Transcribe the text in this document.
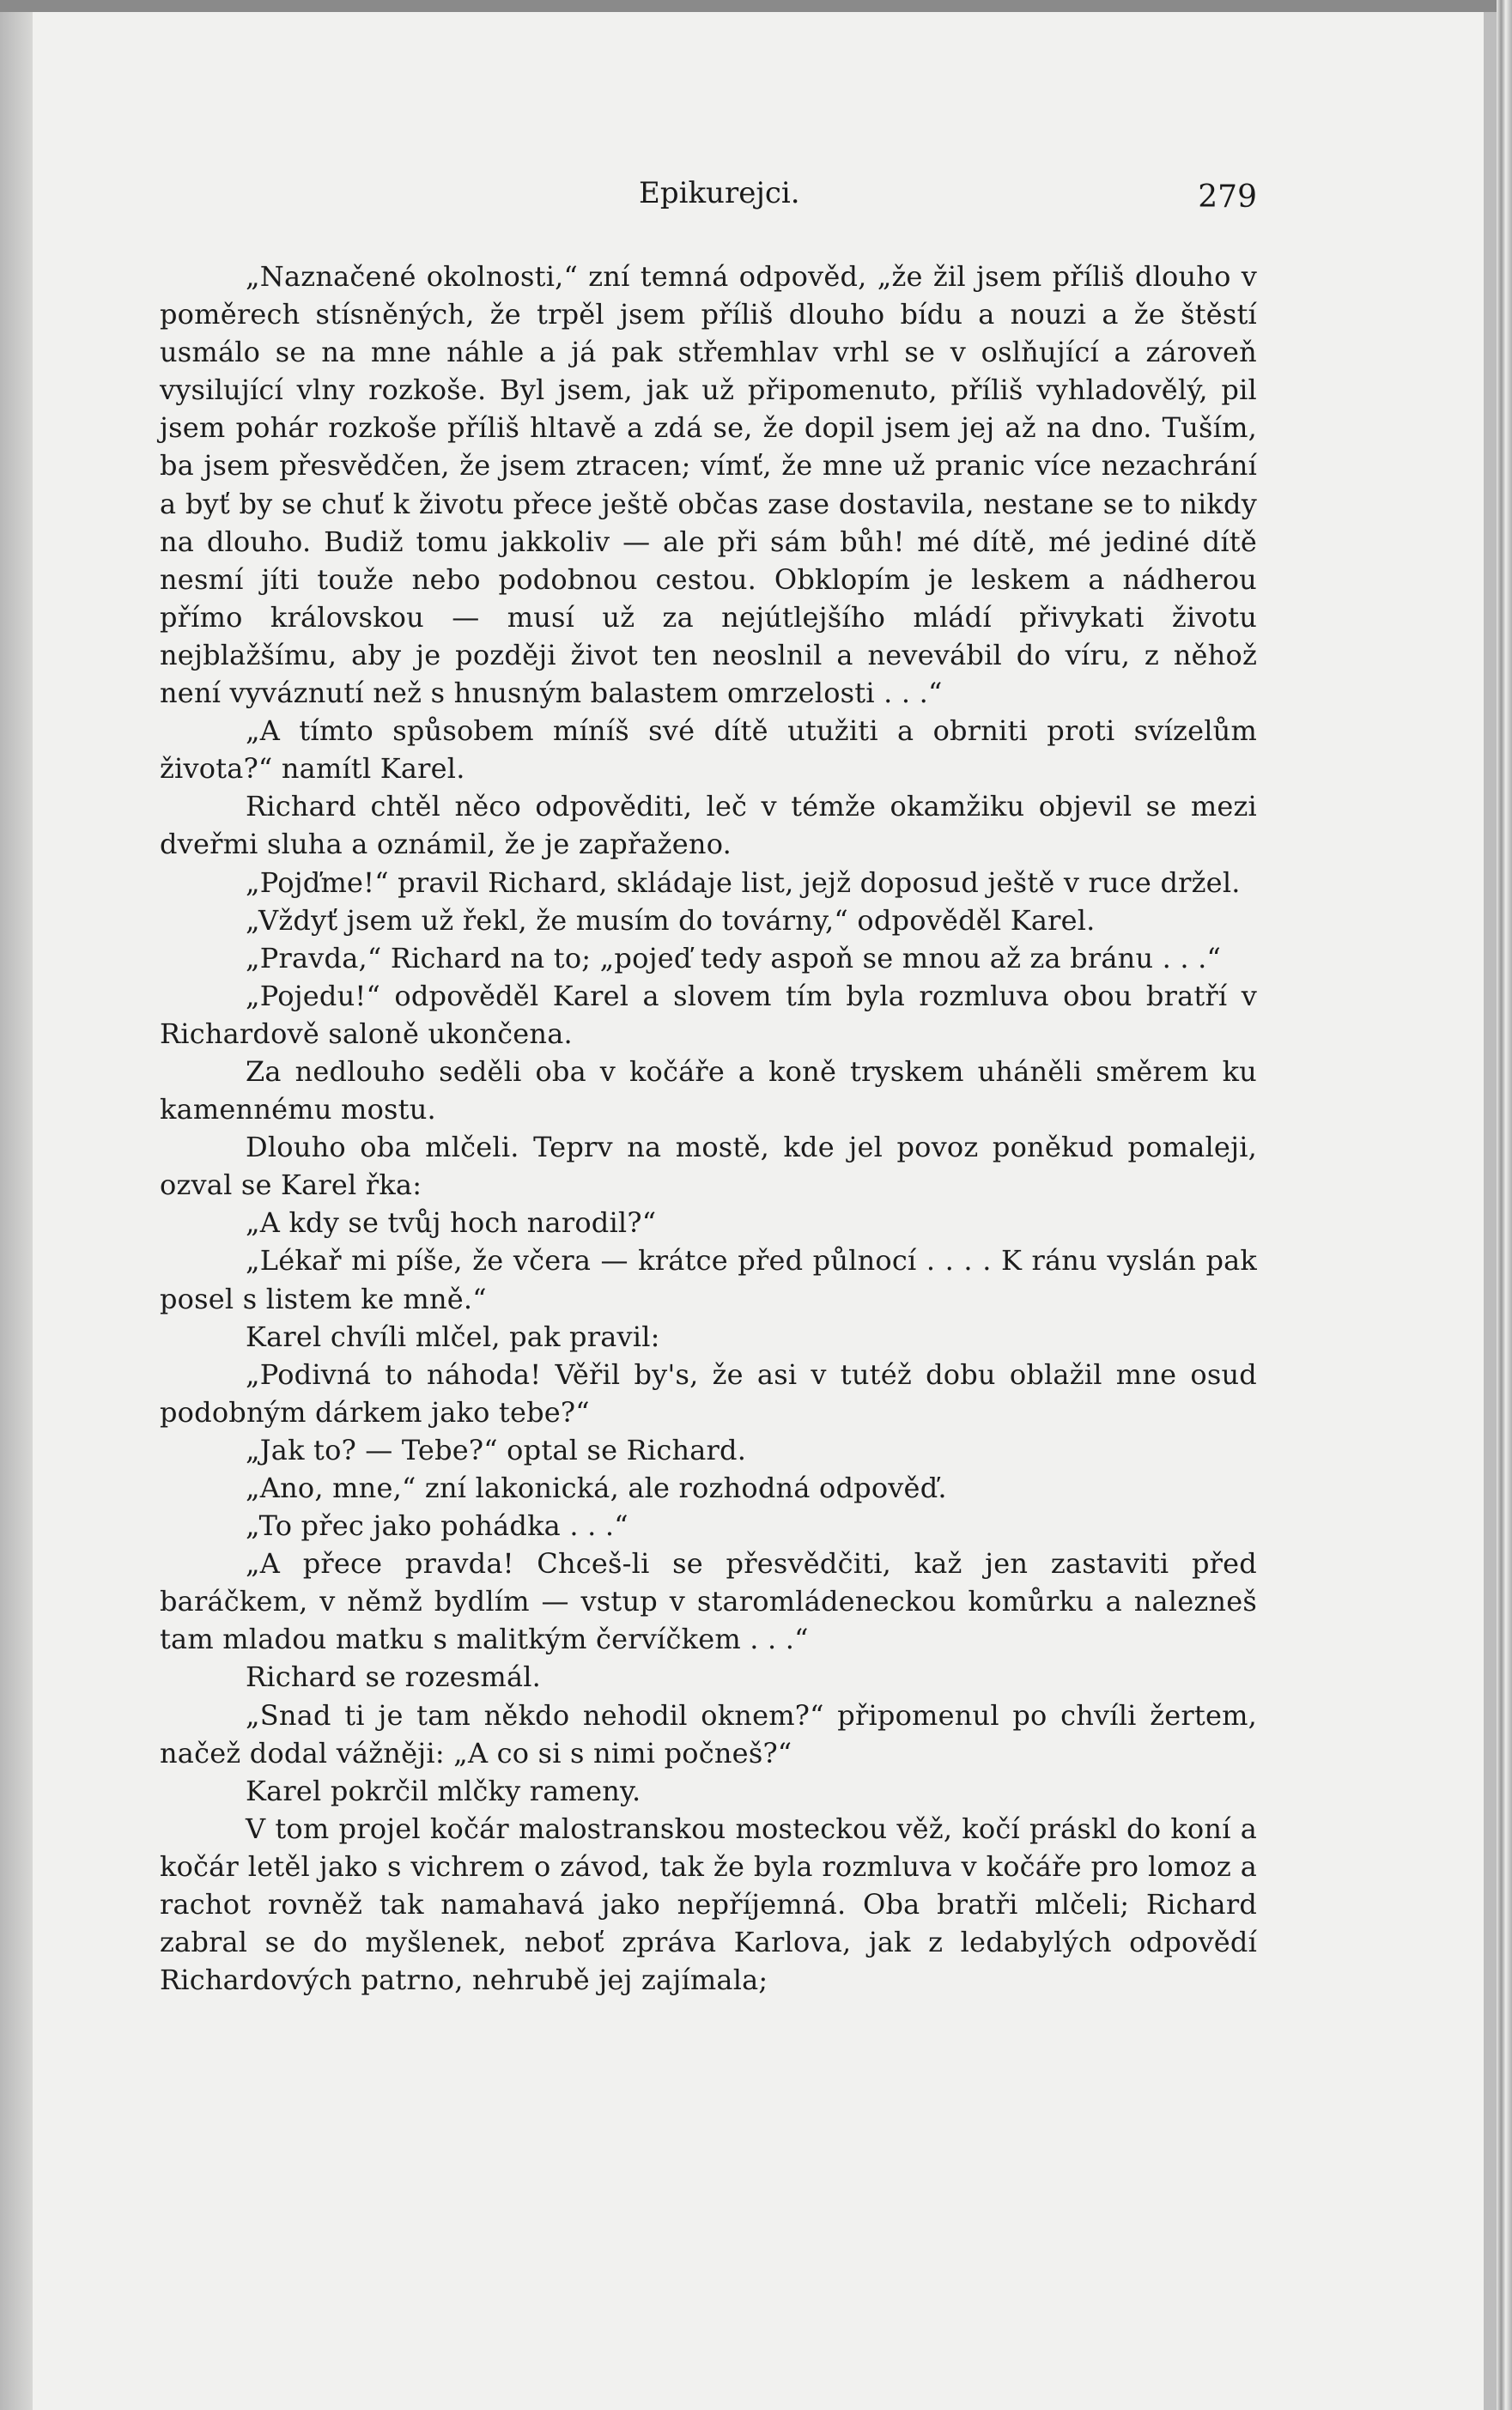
Epikurejci.	279

„Naznačené okolnosti,“ zní temná odpověd, „že žil jsem příliš dlouho v poměrech stísněných, že trpěl jsem příliš dlouho bídu a nouzi a že štěstí usmálo se na mne náhle a já pak střemhlav vrhl se v oslňující a zároveň vysilující vlny rozkoše. Byl jsem, jak už připomenuto, příliš vyhladovělý, pil jsem pohár rozkoše příliš hltavě a zdá se, že dopil jsem jej až na dno. Tuším, ba jsem přesvědčen, že jsem ztracen; vímť, že mne už pranic více nezachrání a byť by se chuť k životu přece ještě občas zase dostavila, nestane se to nikdy na dlouho. Budiž tomu jakkoliv — ale při sám bůh! mé dítě, mé jediné dítě nesmí jíti touže nebo podobnou cestou. Obklopím je leskem a nádherou přímo královskou — musí už za nejútlejšího mládí přivykati životu nejblažšímu, aby je později život ten neoslnil a nevevábil do víru, z něhož není vyváznutí než s hnusným balastem omrzelosti . . .“

„A tímto spůsobem míníš své dítě utužiti a obrniti proti svízelům života?“ namítl Karel.

Richard chtěl něco odpověditi, leč v témže okamžiku objevil se mezi dveřmi sluha a oznámil, že je zapřaženo.

„Pojďme!“ pravil Richard, skládaje list, jejž doposud ještě v ruce držel.

„Vždyť jsem už řekl, že musím do továrny,“ odpověděl Karel.

„Pravda,“ Richard na to; „pojeď tedy aspoň se mnou až za bránu . . .“

„Pojedu!“ odpověděl Karel a slovem tím byla rozmluva obou bratří v Richardově saloně ukončena.

Za nedlouho seděli oba v kočáře a koně tryskem uháněli směrem ku kamennému mostu.

Dlouho oba mlčeli. Teprv na mostě, kde jel povoz poněkud pomaleji, ozval se Karel řka:

„A kdy se tvůj hoch narodil?“

„Lékař mi píše, že včera — krátce před půlnocí . . . . K ránu vyslán pak posel s listem ke mně.“

Karel chvíli mlčel, pak pravil:

„Podivná to náhoda! Věřil by's, že asi v tutéž dobu oblažil mne osud podobným dárkem jako tebe?“

„Jak to? — Tebe?“ optal se Richard.

„Ano, mne,“ zní lakonická, ale rozhodná odpověď.

„To přec jako pohádka . . .“

„A přece pravda! Chceš-li se přesvědčiti, kaž jen zastaviti před baráčkem, v němž bydlím — vstup v staromládeneckou komůrku a nalezneš tam mladou matku s malitkým červíčkem . . .“

Richard se rozesmál.

„Snad ti je tam někdo nehodil oknem?“ připomenul po chvíli žertem, načež dodal vážněji: „A co si s nimi počneš?“

Karel pokrčil mlčky rameny.

V tom projel kočár malostranskou mosteckou věž, kočí práskl do koní a kočár letěl jako s vichrem o závod, tak že byla rozmluva v kočáře pro lomoz a rachot rovněž tak namahavá jako nepříjemná. Oba bratři mlčeli; Richard zabral se do myšlenek, neboť zpráva Karlova, jak z ledabylých odpovědí Richardových patrno, nehrubě jej zajímala;
